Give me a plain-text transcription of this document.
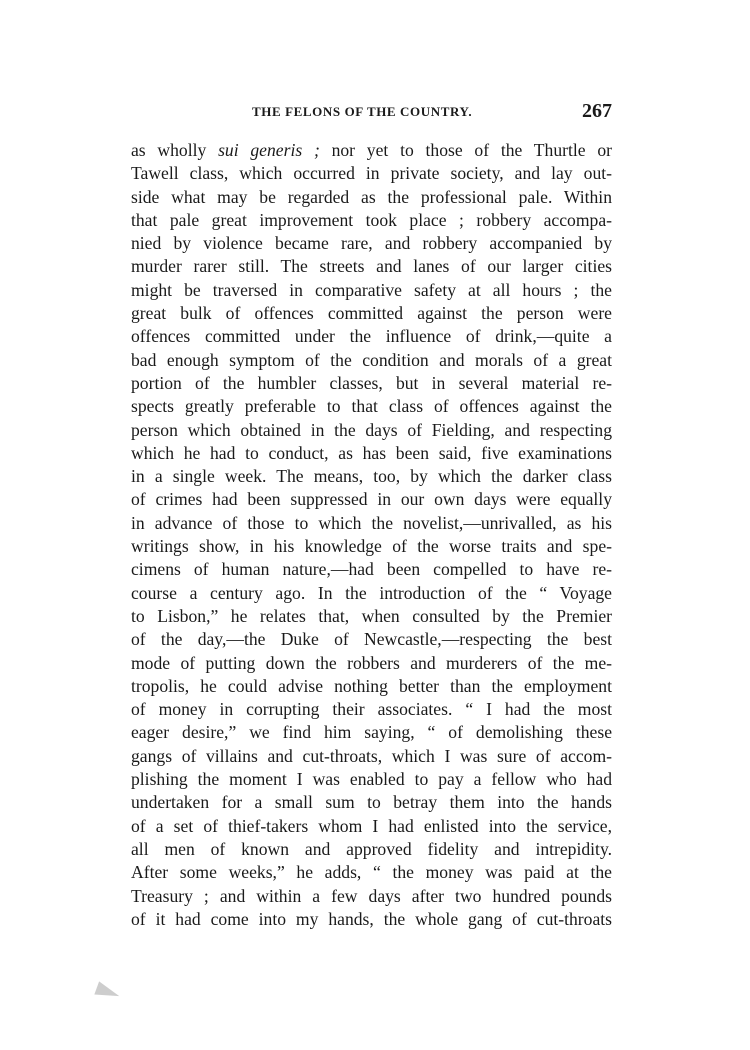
THE FELONS OF THE COUNTRY.	267
as wholly sui generis ; nor yet to those of the Thurtle or
Tawell class, which occurred in private society, and lay out-
side what may be regarded as the professional pale. Within
that pale great improvement took place ; robbery accompa-
nied by violence became rare, and robbery accompanied by
murder rarer still. The streets and lanes of our larger cities
might be traversed in comparative safety at all hours ; the
great bulk of offences committed against the person were
offences committed under the influence of drink,—quite a
bad enough symptom of the condition and morals of a great
portion of the humbler classes, but in several material re-
spects greatly preferable to that class of offences against the
person which obtained in the days of Fielding, and respecting
which he had to conduct, as has been said, five examinations
in a single week. The means, too, by which the darker class
of crimes had been suppressed in our own days were equally
in advance of those to which the novelist,—unrivalled, as his
writings show, in his knowledge of the worse traits and spe-
cimens of human nature,—had been compelled to have re-
course a century ago. In the introduction of the “ Voyage
to Lisbon,” he relates that, when consulted by the Premier
of the day,—the Duke of Newcastle,—respecting the best
mode of putting down the robbers and murderers of the me-
tropolis, he could advise nothing better than the employment
of money in corrupting their associates. “ I had the most
eager desire,” we find him saying, “ of demolishing these
gangs of villains and cut-throats, which I was sure of accom-
plishing the moment I was enabled to pay a fellow who had
undertaken for a small sum to betray them into the hands
of a set of thief-takers whom I had enlisted into the service,
all men of known and approved fidelity and intrepidity.
After some weeks,” he adds, “ the money was paid at the
Treasury ; and within a few days after two hundred pounds
of it had come into my hands, the whole gang of cut-throats
